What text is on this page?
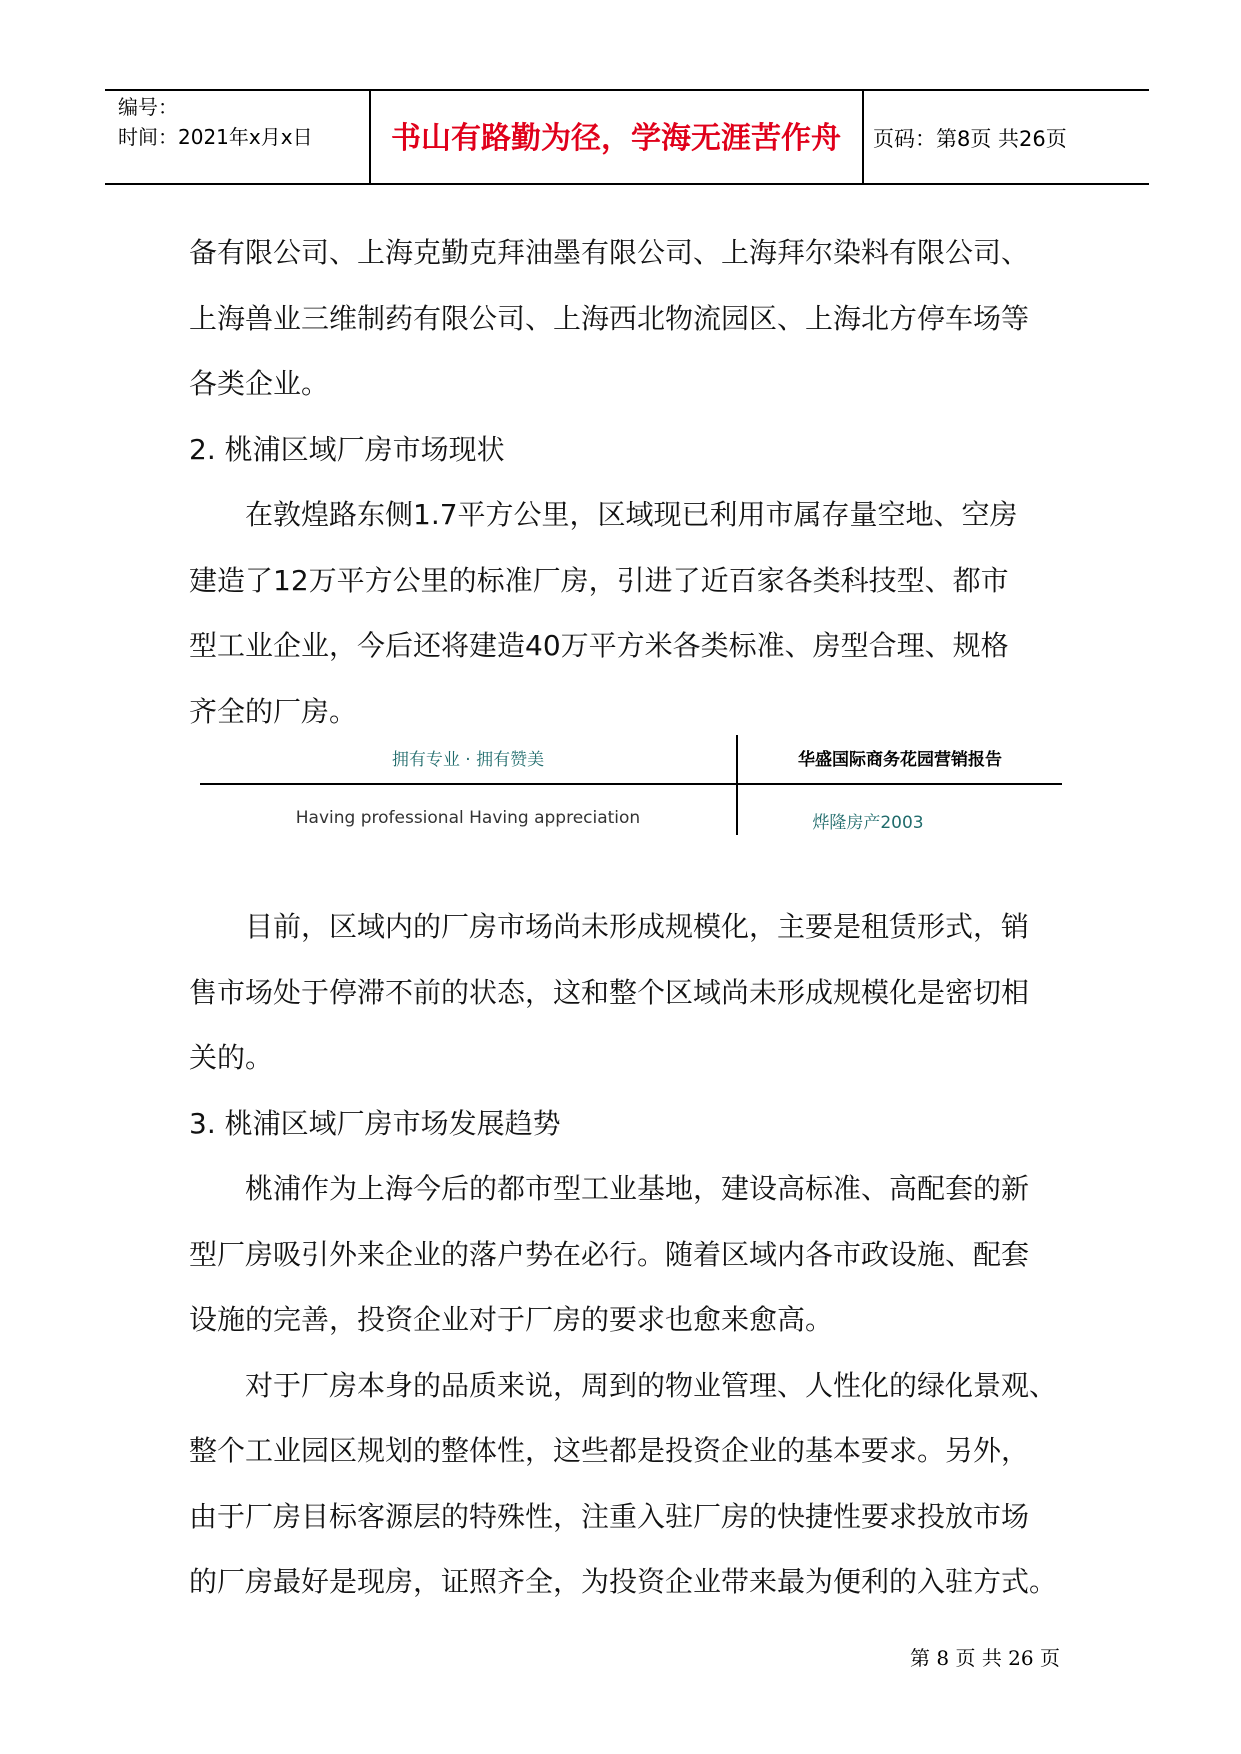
编号：
时间：2021年x月x日	书山有路勤为径，学海无涯苦作舟	页码：第8页 共26页

备有限公司、上海克勤克拜油墨有限公司、上海拜尔染料有限公司、

上海兽业三维制药有限公司、上海西北物流园区、上海北方停车场等

各类企业。

2. 桃浦区域厂房市场现状

在敦煌路东侧1.7平方公里，区域现已利用市属存量空地、空房

建造了12万平方公里的标准厂房，引进了近百家各类科技型、都市

型工业企业，今后还将建造40万平方米各类标准、房型合理、规格

齐全的厂房。

拥有专业 · 拥有赞美	华盛国际商务花园营销报告
Having professional Having appreciation	烨隆房产2003

目前，区域内的厂房市场尚未形成规模化，主要是租赁形式，销

售市场处于停滞不前的状态，这和整个区域尚未形成规模化是密切相

关的。

3. 桃浦区域厂房市场发展趋势

桃浦作为上海今后的都市型工业基地，建设高标准、高配套的新

型厂房吸引外来企业的落户势在必行。随着区域内各市政设施、配套

设施的完善，投资企业对于厂房的要求也愈来愈高。

对于厂房本身的品质来说，周到的物业管理、人性化的绿化景观、

整个工业园区规划的整体性，这些都是投资企业的基本要求。另外，

由于厂房目标客源层的特殊性，注重入驻厂房的快捷性要求投放市场

的厂房最好是现房，证照齐全，为投资企业带来最为便利的入驻方式。

第 8 页 共 26 页
